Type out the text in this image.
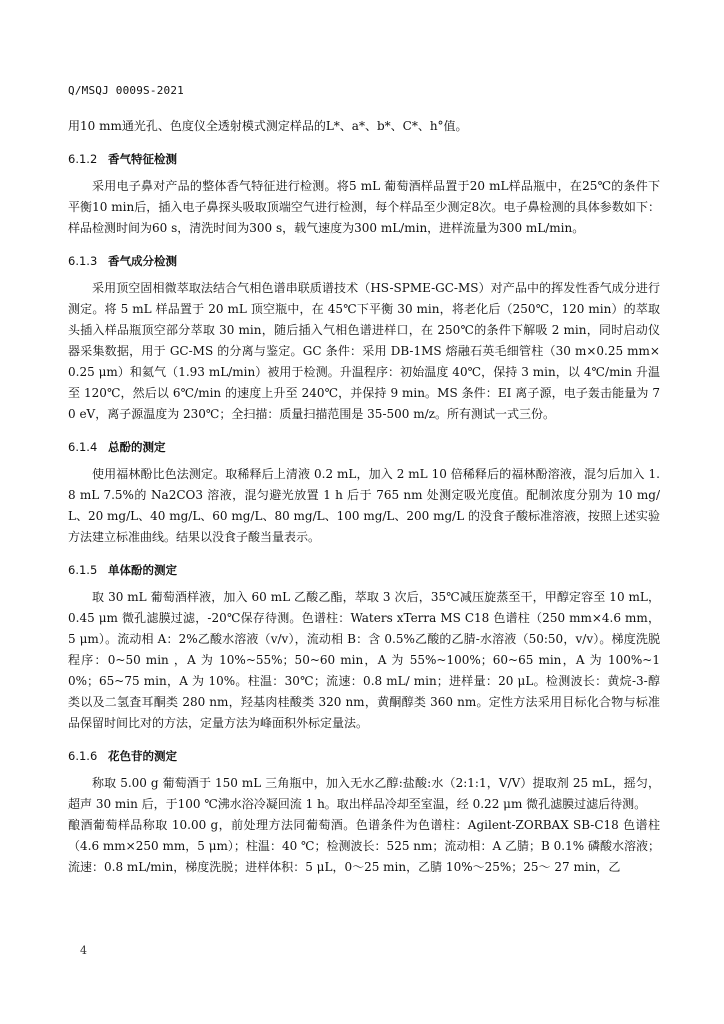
Q/MSQJ 0009S-2021

用10 mm通光孔、色度仪全透射模式测定样品的L*、a*、b*、C*、h°值。

6.1.2 香气特征检测

采用电子鼻对产品的整体香气特征进行检测。将5 mL 葡萄酒样品置于20 mL样品瓶中，在25℃的条件下平衡10 min后，插入电子鼻探头吸取顶端空气进行检测，每个样品至少测定8次。电子鼻检测的具体参数如下：样品检测时间为60 s，清洗时间为300 s，载气速度为300 mL/min，进样流量为300 mL/min。

6.1.3 香气成分检测

采用顶空固相微萃取法结合气相色谱串联质谱技术（HS-SPME-GC-MS）对产品中的挥发性香气成分进行测定。将 5 mL 样品置于 20 mL 顶空瓶中，在 45℃下平衡 30 min，将老化后（250℃，120 min）的萃取头插入样品瓶顶空部分萃取 30 min，随后插入气相色谱进样口，在 250℃的条件下解吸 2 min，同时启动仪器采集数据，用于 GC-MS 的分离与鉴定。GC 条件：采用 DB-1MS 熔融石英毛细管柱（30 m×0.25 mm×0.25 μm）和氦气（1.93 mL/min）被用于检测。升温程序：初始温度 40℃，保持 3 min，以 4℃/min 升温至 120℃，然后以 6℃/min 的速度上升至 240℃，并保持 9 min。MS 条件：EI 离子源，电子轰击能量为 70 eV，离子源温度为 230℃；全扫描：质量扫描范围是 35-500 m/z。所有测试一式三份。

6.1.4 总酚的测定

使用福林酚比色法测定。取稀释后上清液 0.2 mL，加入 2 mL 10 倍稀释后的福林酚溶液，混匀后加入 1.8 mL 7.5%的 Na2CO3 溶液，混匀避光放置 1 h 后于 765 nm 处测定吸光度值。配制浓度分别为 10 mg/L、20 mg/L、40 mg/L、60 mg/L、80 mg/L、100 mg/L、200 mg/L 的没食子酸标准溶液，按照上述实验方法建立标准曲线。结果以没食子酸当量表示。

6.1.5 单体酚的测定

取 30 mL 葡萄酒样液，加入 60 mL 乙酸乙酯，萃取 3 次后，35℃减压旋蒸至干，甲醇定容至 10 mL，0.45 μm 微孔滤膜过滤，-20℃保存待测。色谱柱：Waters xTerra MS C18 色谱柱（250 mm×4.6 mm，5 μm）。流动相 A：2%乙酸水溶液（v/v），流动相 B：含 0.5%乙酸的乙腈-水溶液（50:50，v/v）。梯度洗脱程序：0~50 min ，A 为 10%~55%；50~60 min，A 为 55%~100%；60~65 min，A 为 100%~10%；65~75 min，A 为 10%。柱温：30℃；流速：0.8 mL/ min；进样量：20 μL。检测波长：黄烷-3-醇类以及二氢査耳酮类 280 nm，羟基肉桂酸类 320 nm，黄酮醇类 360 nm。定性方法采用目标化合物与标准品保留时间比对的方法，定量方法为峰面积外标定量法。

6.1.6 花色苷的测定

称取 5.00 g 葡萄酒于 150 mL 三角瓶中，加入无水乙醇:盐酸:水（2:1:1，V/V）提取剂 25 mL，摇匀，超声 30 min 后，于100 ℃沸水浴冷凝回流 1 h。取出样品冷却至室温，经 0.22 μm 微孔滤膜过滤后待测。

酿酒葡萄样品称取 10.00 g，前处理方法同葡萄酒。色谱条件为色谱柱：Agilent-ZORBAX SB-C18 色谱柱（4.6 mm×250 mm，5 μm）；柱温：40 ℃；检测波长：525 nm；流动相：A 乙腈；B 0.1% 磷酸水溶液；流速：0.8 mL/min，梯度洗脱；进样体积：5 μL，0～25 min，乙腈 10%～25%；25～ 27 min，乙

4
